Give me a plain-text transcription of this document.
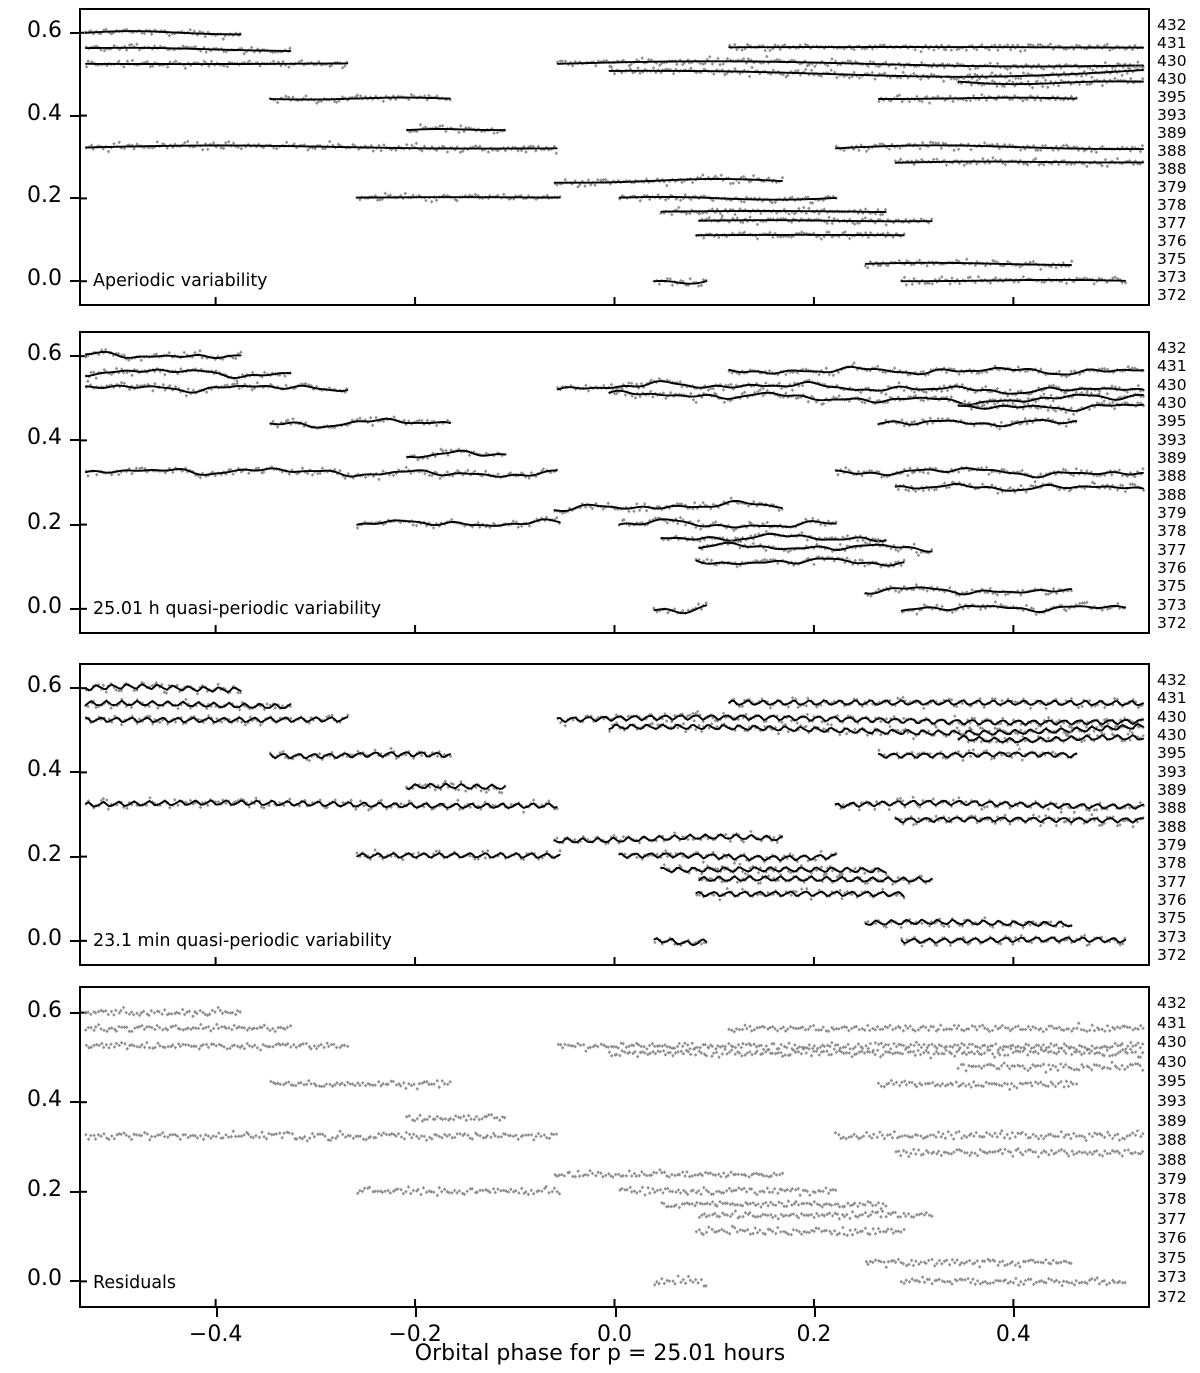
−0.4	−0.2	0.0	0.2	0.4
Orbital phase for p = 25.01 hours
0.0
0.2
0.4
0.6	432
431
430
430
395
393
389
388
388
379
378
377
376
375
373
372
Aperiodic variability
0.0
0.2
0.4
0.6	432
431
430
430
395
393
389
388
388
379
378
377
376
375
373
372
25.01 h quasi-periodic variability
0.0
0.2
0.4
0.6	432
431
430
430
395
393
389
388
388
379
378
377
376
375
373
372
23.1 min quasi-periodic variability
0.0
0.2
0.4
0.6	432
431
430
430
395
393
389
388
388
379
378
377
376
375
373
372
Residuals
